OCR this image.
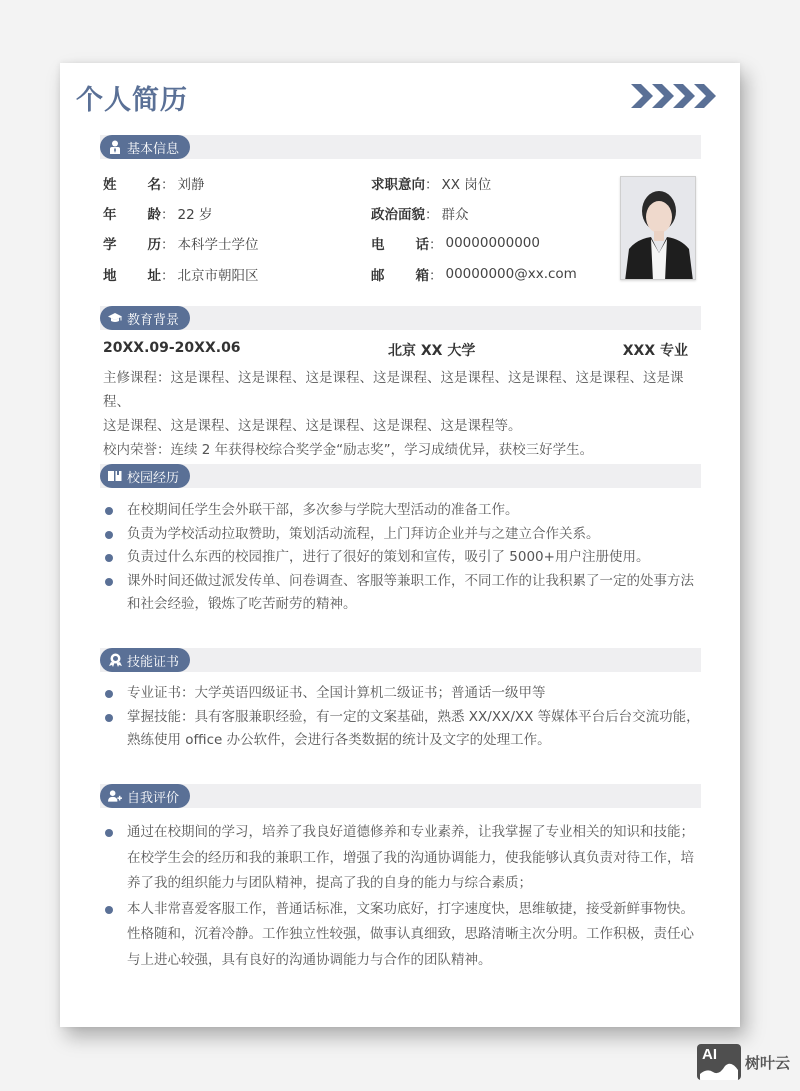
个人简历
基本信息
姓 名 ： 刘静
年 龄 ： 22 岁
学 历 ： 本科学士学位
地 址 ： 北京市朝阳区
求职意向 ： XX 岗位
政治面貌 ： 群众
电 话 ： 00000000000
邮 箱 ： 00000000@xx.com
教育背景
20XX.09-20XX.06	北京 XX 大学	XXX 专业
主修课程：这是课程、这是课程、这是课程、这是课程、这是课程、这是课程、这是课程、这是课程、
这是课程、这是课程、这是课程、这是课程、这是课程、这是课程等。
校内荣誉：连续 2 年获得校综合奖学金“励志奖”，学习成绩优异，获校三好学生。
校园经历
在校期间任学生会外联干部，多次参与学院大型活动的准备工作。
负责为学校活动拉取赞助，策划活动流程，上门拜访企业并与之建立合作关系。
负责过什么东西的校园推广，进行了很好的策划和宣传，吸引了 5000+用户注册使用。
课外时间还做过派发传单、问卷调查、客服等兼职工作，不同工作的让我积累了一定的处事方法和社会经验，锻炼了吃苦耐劳的精神。
技能证书
专业证书：大学英语四级证书、全国计算机二级证书；普通话一级甲等
掌握技能：具有客服兼职经验，有一定的文案基础，熟悉 XX/XX/XX 等媒体平台后台交流功能，熟练使用 office 办公软件，会进行各类数据的统计及文字的处理工作。
自我评价
通过在校期间的学习，培养了我良好道德修养和专业素养，让我掌握了专业相关的知识和技能；在校学生会的经历和我的兼职工作，增强了我的沟通协调能力，使我能够认真负责对待工作，培养了我的组织能力与团队精神，提高了我的自身的能力与综合素质；
本人非常喜爱客服工作，普通话标准，文案功底好，打字速度快，思维敏捷，接受新鲜事物快。性格随和，沉着冷静。工作独立性较强，做事认真细致，思路清晰主次分明。工作积极，责任心与上进心较强，具有良好的沟通协调能力与合作的团队精神。
AI 树叶云
